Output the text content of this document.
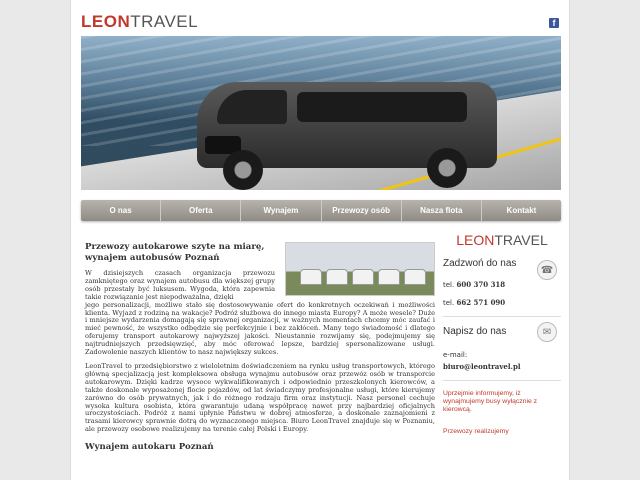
LEONTRAVEL	f
O nas	Oferta	Wynajem	Przewozy osób	Nasza flota	Kontakt
Przewozy autokarowe szyte na miarę, wynajem autobusów Poznań

W dzisiejszych czasach organizacja przewozu zamkniętego oraz wynajem autobusu dla większej grupy osób przestały być luksusem. Wygoda, która zapewnia takie rozwiązanie jest niepodważalna, dzięki

jego personalizacji, możliwe stało się dostosowywanie ofert do konkretnych oczekiwań i możliwości klienta. Wyjazd z rodziną na wakacje? Podróż służbowa do innego miasta Europy? A może wesele? Duże i mniejsze wydarzenia domagają się sprawnej organizacji, w ważnych momentach chcemy móc zaufać i mieć pewność, że wszystko odbędzie się perfekcyjnie i bez zakłóceń. Many tego świadomość i dlatego oferujemy transport autokarowy najwyższej jakości. Nieustannie rozwijamy się, podejmujemy się najtrudniejszych przedsięwzięć, aby móc oferować lepsze, bardziej spersonalizowane usługi. Zadowolenie naszych klientów to nasz największy sukces.

LeonTravel to przedsiębiorstwo z wieloletnim doświadczeniem na rynku usług transportowych, którego główną specjalizacją jest kompleksowa obsługa wynajmu autobusów oraz przewóz osób w transporcie autokarowym. Dzięki kadrze wysoce wykwalifikowanych i odpowiednio przeszkolonych kierowców, a także doskonale wyposażonej flocie pojazdów, od lat świadczymy profesjonalne usługi, które kierujemy zarówno do osób prywatnych, jak i do różnego rodzaju firm oraz instytucji. Nasz personel cechuje wysoka kultura osobista, która gwarantuje udaną współpracę nawet przy najbardziej oficjalnych uroczystościach. Podróż z nami upłynie Państwu w dobrej atmosferze, a doskonale zaznajomieni z trasami kierowcy sprawnie dotrą do wyznaczonego miejsca. Biuro LeonTravel znajduje się w Poznaniu, ale przewozy osobowe realizujemy na terenie całej Polski i Europy.

Wynajem autokaru Poznań
LEONTRAVEL
Zadzwoń do nas
☎
tel. 600 370 318
tel. 662 571 090
Napisz do nas	✉
e-mail:
biuro@leontravel.pl
Uprzejmie informujemy, iż wynajmujemy busy wyłącznie z kierowcą.
Przewozy realizujemy
